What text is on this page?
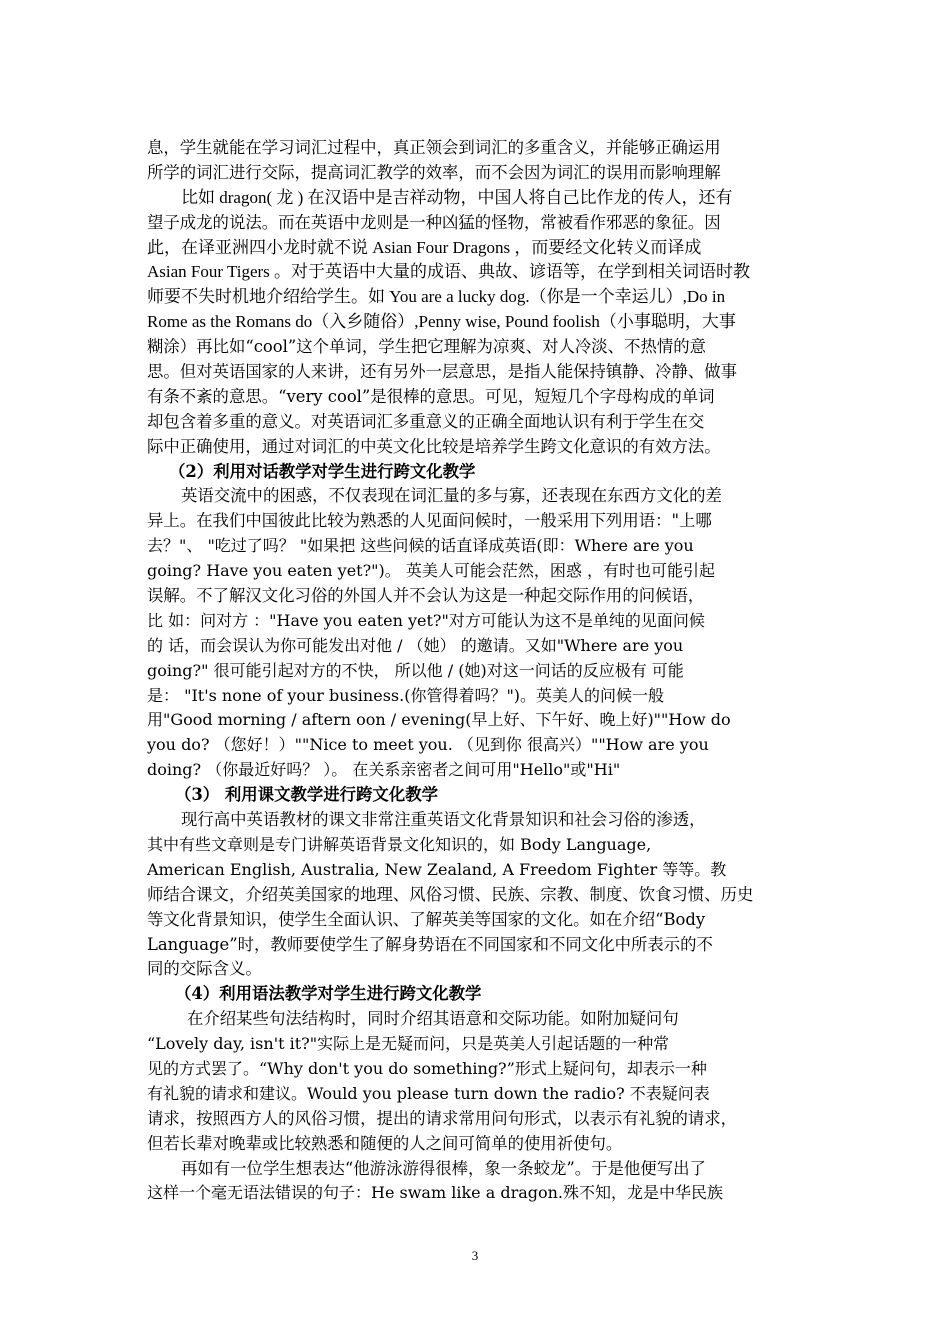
息，学生就能在学习词汇过程中，真正领会到词汇的多重含义，并能够正确运用
所学的词汇进行交际，提高词汇教学的效率，而不会因为词汇的误用而影响理解
比如 dragon( 龙 ) 在汉语中是吉祥动物，中国人将自己比作龙的传人，还有
望子成龙的说法。而在英语中龙则是一种凶猛的怪物，常被看作邪恶的象征。因
此，在译亚洲四小龙时就不说 Asian Four Dragons ，而要经文化转义而译成
Asian Four Tigers 。对于英语中大量的成语、典故、谚语等，在学到相关词语时教
师要不失时机地介绍给学生。如 You are a lucky dog.（你是一个幸运儿）,Do in
Rome as the Romans do（入乡随俗）,Penny wise, Pound foolish（小事聪明，大事
糊涂）再比如“cool”这个单词，学生把它理解为凉爽、对人冷淡、不热情的意
思。但对英语国家的人来讲，还有另外一层意思，是指人能保持镇静、冷静、做事
有条不紊的意思。“very cool”是很棒的意思。可见，短短几个字母构成的单词
却包含着多重的意义。对英语词汇多重意义的正确全面地认识有利于学生在交
际中正确使用，通过对词汇的中英文化比较是培养学生跨文化意识的有效方法。
（2）利用对话教学对学生进行跨文化教学
英语交流中的困惑，不仅表现在词汇量的多与寡，还表现在东西方文化的差
异上。在我们中国彼此比较为熟悉的人见面问候时，一般采用下列用语："上哪
去？"、 "吃过了吗？ "如果把 这些问候的话直译成英语(即：Where are you
going? Have you eaten yet?")。 英美人可能会茫然，困惑 ，有时也可能引起
误解。不了解汉文化习俗的外国人并不会认为这是一种起交际作用的问候语，
比 如：问对方 ："Have you eaten yet?"对方可能认为这不是单纯的见面问候
的 话，而会误认为你可能发出对他 / （她） 的邀请。又如"Where are you
going?" 很可能引起对方的不快， 所以他 / (她)对这一问话的反应极有 可能
是： "It's none of your business.(你管得着吗？")。英美人的问候一般
用"Good morning / aftern oon / evening(早上好、下午好、晚上好)""How do
you do? （您好！）""Nice to meet you. （见到你 很高兴）""How are you
doing? （你最近好吗？ ）。 在关系亲密者之间可用"Hello"或"Hi"
（3） 利用课文教学进行跨文化教学
现行高中英语教材的课文非常注重英语文化背景知识和社会习俗的渗透，
其中有些文章则是专门讲解英语背景文化知识的，如 Body Language,
American English, Australia, New Zealand, A Freedom Fighter 等等。教
师结合课文，介绍英美国家的地理、风俗习惯、民族、宗教、制度、饮食习惯、历史
等文化背景知识，使学生全面认识、了解英美等国家的文化。如在介绍“Body
Language”时，教师要使学生了解身势语在不同国家和不同文化中所表示的不
同的交际含义。
（4）利用语法教学对学生进行跨文化教学
在介绍某些句法结构时，同时介绍其语意和交际功能。如附加疑问句
“Lovely day, isn't it?"实际上是无疑而问，只是英美人引起话题的一种常
见的方式罢了。“Why don't you do something?”形式上疑问句，却表示一种
有礼貌的请求和建议。Would you please turn down the radio? 不表疑问表
请求，按照西方人的风俗习惯，提出的请求常用问句形式，以表示有礼貌的请求，
但若长辈对晚辈或比较熟悉和随便的人之间可简单的使用祈使句。
再如有一位学生想表达“他游泳游得很棒，象一条蛟龙”。于是他便写出了
这样一个毫无语法错误的句子：He swam like a dragon.殊不知，龙是中华民族
3
